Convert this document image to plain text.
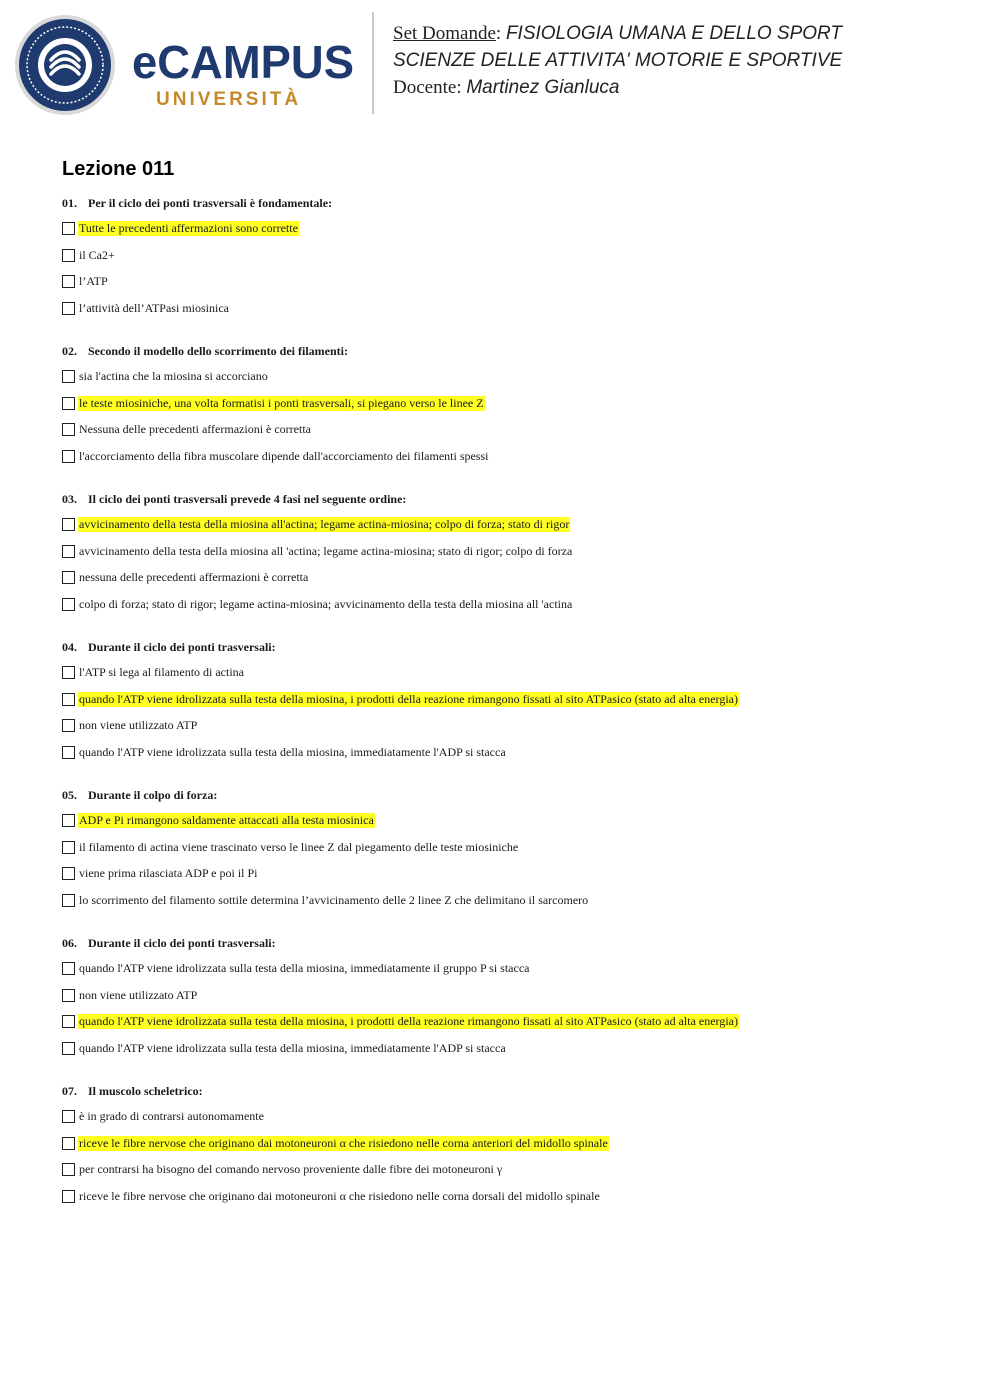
eCAMPUS
UNIVERSITÀ
Set Domande: FISIOLOGIA UMANA E DELLO SPORT
SCIENZE DELLE ATTIVITA' MOTORIE E SPORTIVE
Docente: Martinez Gianluca
Lezione 011
01. Per il ciclo dei ponti trasversali è fondamentale:
Tutte le precedenti affermazioni sono corrette
il Ca2+
l’ATP
l’attività dell’ATPasi miosinica
02. Secondo il modello dello scorrimento dei filamenti:
sia l'actina che la miosina si accorciano
le teste miosiniche, una volta formatisi i ponti trasversali, si piegano verso le linee Z
Nessuna delle precedenti affermazioni è corretta
l'accorciamento della fibra muscolare dipende dall'accorciamento dei filamenti spessi
03. Il ciclo dei ponti trasversali prevede 4 fasi nel seguente ordine:
avvicinamento della testa della miosina all'actina; legame actina-miosina; colpo di forza; stato di rigor
avvicinamento della testa della miosina all 'actina; legame actina-miosina; stato di rigor; colpo di forza
nessuna delle precedenti affermazioni è corretta
colpo di forza; stato di rigor; legame actina-miosina; avvicinamento della testa della miosina all 'actina
04. Durante il ciclo dei ponti trasversali:
l'ATP si lega al filamento di actina
quando l'ATP viene idrolizzata sulla testa della miosina, i prodotti della reazione rimangono fissati al sito ATPasico (stato ad alta energia)
non viene utilizzato ATP
quando l'ATP viene idrolizzata sulla testa della miosina, immediatamente l'ADP si stacca
05. Durante il colpo di forza:
ADP e Pi rimangono saldamente attaccati alla testa miosinica
il filamento di actina viene trascinato verso le linee Z dal piegamento delle teste miosiniche
viene prima rilasciata ADP e poi il Pi
lo scorrimento del filamento sottile determina l’avvicinamento delle 2 linee Z che delimitano il sarcomero
06. Durante il ciclo dei ponti trasversali:
quando l'ATP viene idrolizzata sulla testa della miosina, immediatamente il gruppo P si stacca
non viene utilizzato ATP
quando l'ATP viene idrolizzata sulla testa della miosina, i prodotti della reazione rimangono fissati al sito ATPasico (stato ad alta energia)
quando l'ATP viene idrolizzata sulla testa della miosina, immediatamente l'ADP si stacca
07. Il muscolo scheletrico:
è in grado di contrarsi autonomamente
riceve le fibre nervose che originano dai motoneuroni α che risiedono nelle corna anteriori del midollo spinale
per contrarsi ha bisogno del comando nervoso proveniente dalle fibre dei motoneuroni γ
riceve le fibre nervose che originano dai motoneuroni α che risiedono nelle corna dorsali del midollo spinale
